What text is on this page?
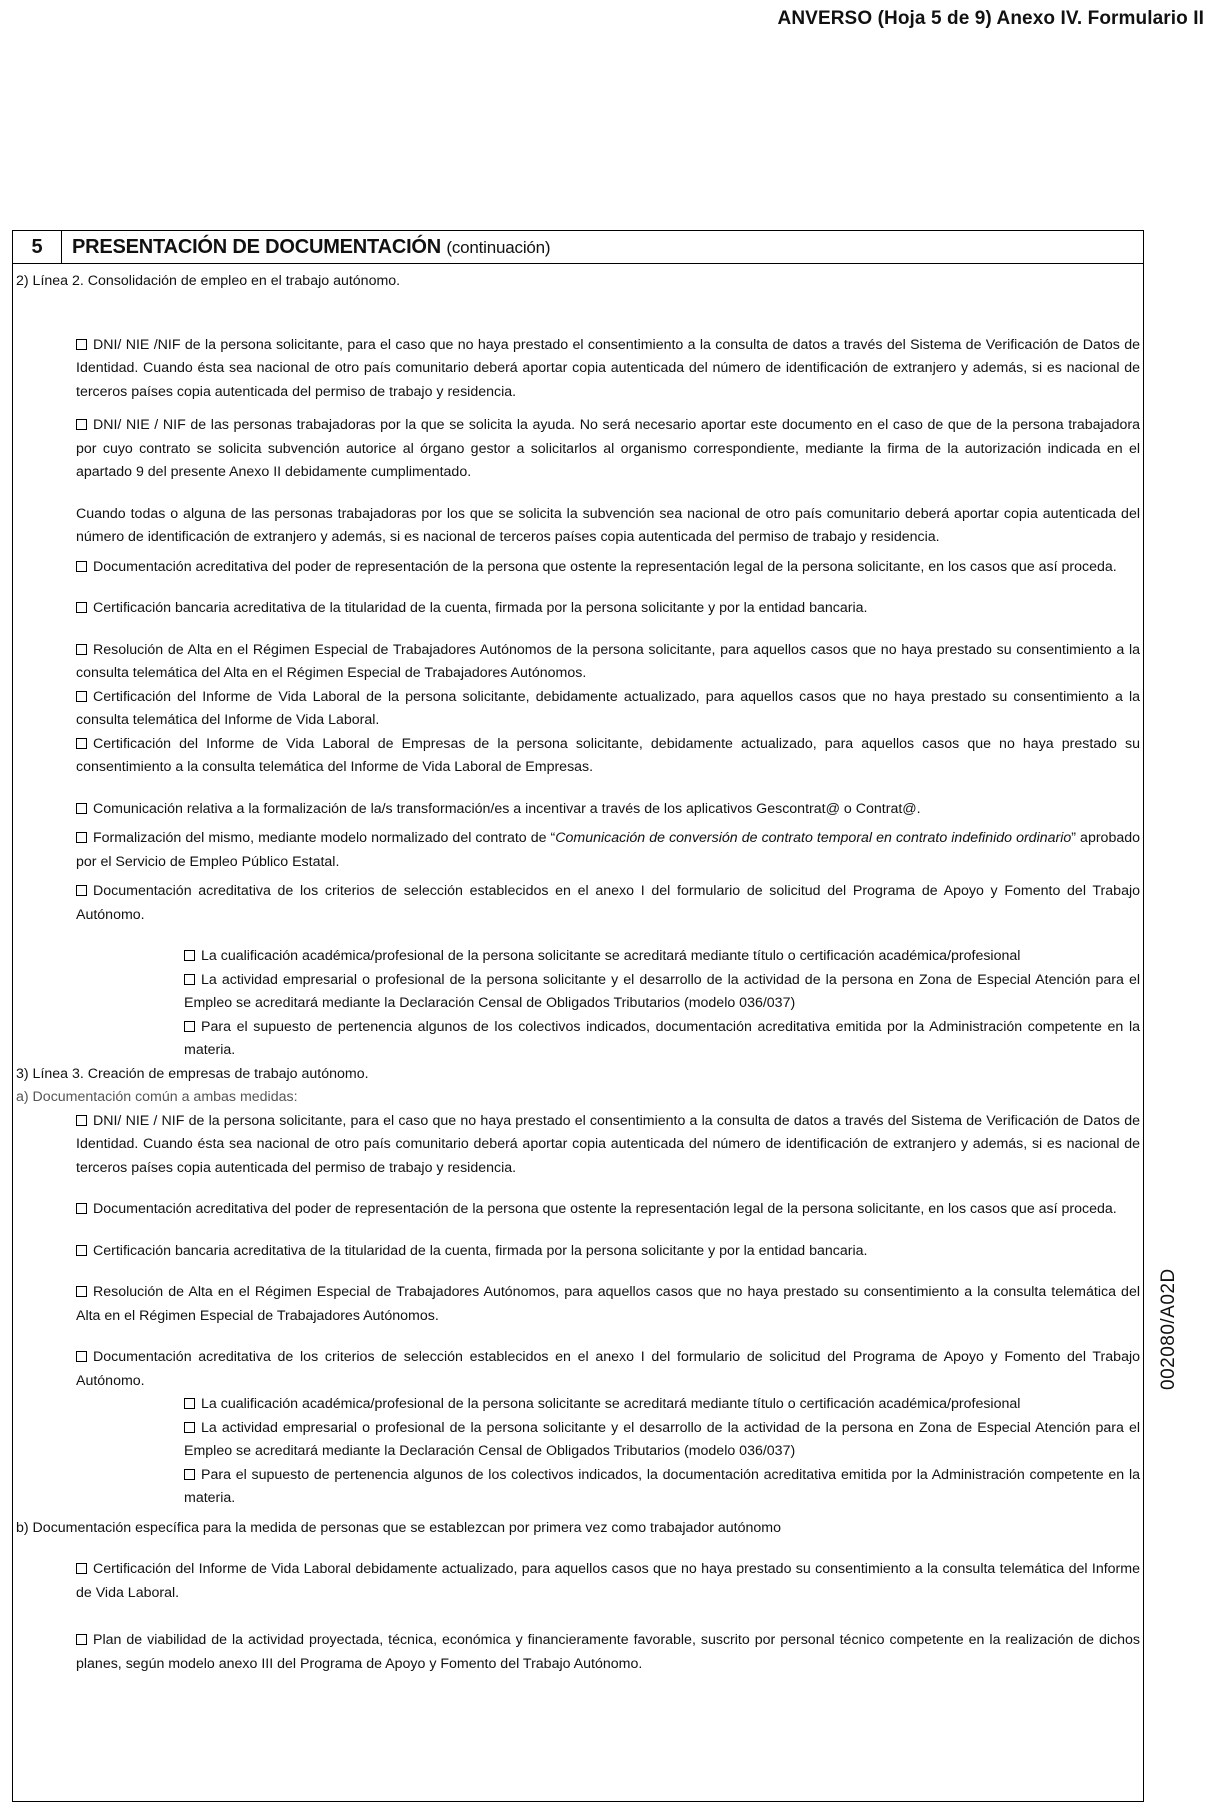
ANVERSO (Hoja 5 de 9) Anexo IV. Formulario II
5	PRESENTACIÓN DE DOCUMENTACIÓN (continuación)

2) Línea 2. Consolidación de empleo en el trabajo autónomo.

DNI/ NIE /NIF de la persona solicitante, para el caso que no haya prestado el consentimiento a la consulta de datos a través del Sistema de Verificación de Datos de Identidad. Cuando ésta sea nacional de otro país comunitario deberá aportar copia autenticada del número de identificación de extranjero y además, si es nacional de terceros países copia autenticada del permiso de trabajo y residencia.

DNI/ NIE / NIF de las personas trabajadoras por la que se solicita la ayuda. No será necesario aportar este documento en el caso de que de la persona trabajadora por cuyo contrato se solicita subvención autorice al órgano gestor a solicitarlos al organismo correspondiente, mediante la firma de la autorización indicada en el apartado 9 del presente Anexo II debidamente cumplimentado.

Cuando todas o alguna de las personas trabajadoras por los que se solicita la subvención sea nacional de otro país comunitario deberá aportar copia autenticada del número de identificación de extranjero y además, si es nacional de terceros países copia autenticada del permiso de trabajo y residencia.

Documentación acreditativa del poder de representación de la persona que ostente la representación legal de la persona solicitante, en los casos que así proceda.

Certificación bancaria acreditativa de la titularidad de la cuenta, firmada por la persona solicitante y por la entidad bancaria.

Resolución de Alta en el Régimen Especial de Trabajadores Autónomos de la persona solicitante, para aquellos casos que no haya prestado su consentimiento a la consulta telemática del Alta en el Régimen Especial de Trabajadores Autónomos.

Certificación del Informe de Vida Laboral de la persona solicitante, debidamente actualizado, para aquellos casos que no haya prestado su consentimiento a la consulta telemática del Informe de Vida Laboral.

Certificación del Informe de Vida Laboral de Empresas de la persona solicitante, debidamente actualizado, para aquellos casos que no haya prestado su consentimiento a la consulta telemática del Informe de Vida Laboral de Empresas.

Comunicación relativa a la formalización de la/s transformación/es a incentivar a través de los aplicativos Gescontrat@ o Contrat@.

Formalización del mismo, mediante modelo normalizado del contrato de “Comunicación de conversión de contrato temporal en contrato indefinido ordinario” aprobado por el Servicio de Empleo Público Estatal.

Documentación acreditativa de los criterios de selección establecidos en el anexo I del formulario de solicitud del Programa de Apoyo y Fomento del Trabajo Autónomo.

La cualificación académica/profesional de la persona solicitante se acreditará mediante título o certificación académica/profesional

La actividad empresarial o profesional de la persona solicitante y el desarrollo de la actividad de la persona en Zona de Especial Atención para el Empleo se acreditará mediante la Declaración Censal de Obligados Tributarios (modelo 036/037)

Para el supuesto de pertenencia algunos de los colectivos indicados, documentación acreditativa emitida por la Administración competente en la materia.

3) Línea 3. Creación de empresas de trabajo autónomo.

a) Documentación común a ambas medidas:

DNI/ NIE / NIF de la persona solicitante, para el caso que no haya prestado el consentimiento a la consulta de datos a través del Sistema de Verificación de Datos de Identidad. Cuando ésta sea nacional de otro país comunitario deberá aportar copia autenticada del número de identificación de extranjero y además, si es nacional de terceros países copia autenticada del permiso de trabajo y residencia.

Documentación acreditativa del poder de representación de la persona que ostente la representación legal de la persona solicitante, en los casos que así proceda.

Certificación bancaria acreditativa de la titularidad de la cuenta, firmada por la persona solicitante y por la entidad bancaria.

Resolución de Alta en el Régimen Especial de Trabajadores Autónomos, para aquellos casos que no haya prestado su consentimiento a la consulta telemática del Alta en el Régimen Especial de Trabajadores Autónomos.

Documentación acreditativa de los criterios de selección establecidos en el anexo I del formulario de solicitud del Programa de Apoyo y Fomento del Trabajo Autónomo.

La cualificación académica/profesional de la persona solicitante se acreditará mediante título o certificación académica/profesional

La actividad empresarial o profesional de la persona solicitante y el desarrollo de la actividad de la persona en Zona de Especial Atención para el Empleo se acreditará mediante la Declaración Censal de Obligados Tributarios (modelo 036/037)

Para el supuesto de pertenencia algunos de los colectivos indicados, la documentación acreditativa emitida por la Administración competente en la materia.

b) Documentación específica para la medida de personas que se establezcan por primera vez como trabajador autónomo

Certificación del Informe de Vida Laboral debidamente actualizado, para aquellos casos que no haya prestado su consentimiento a la consulta telemática del Informe de Vida Laboral.

Plan de viabilidad de la actividad proyectada, técnica, económica y financieramente favorable, suscrito por personal técnico competente en la realización de dichos planes, según modelo anexo III del Programa de Apoyo y Fomento del Trabajo Autónomo.

002080/A02D
